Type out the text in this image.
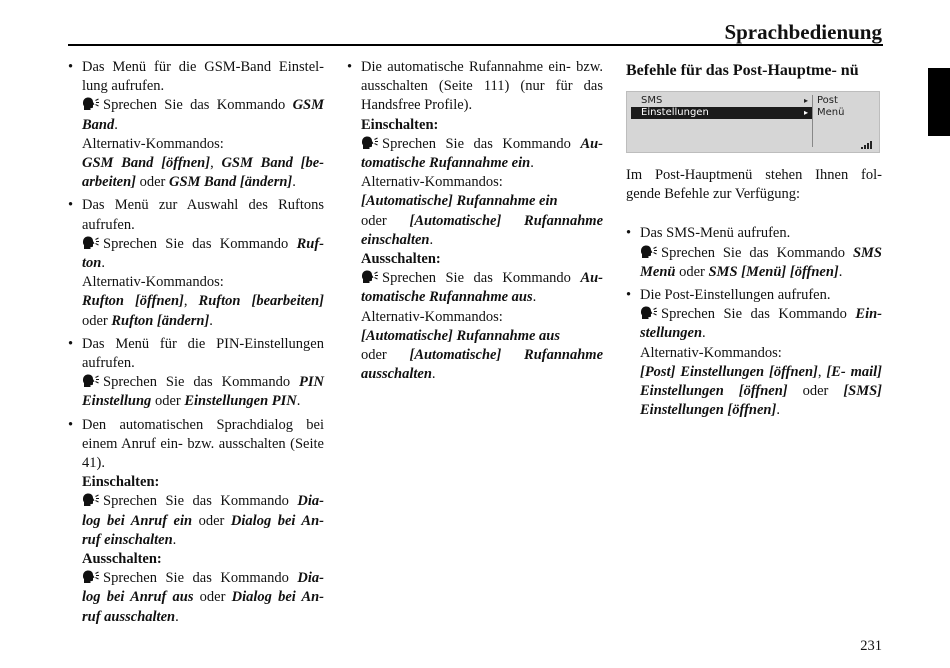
Sprachbedienung
• Das Menü für die GSM-Band Einstel- lung aufrufen.

Sprechen Sie das Kommando GSM Band.
Alternativ-Kommandos:
GSM Band [öffnen], GSM Band [be- arbeiten] oder GSM Band [ändern].
• Das Menü zur Auswahl des Ruftons aufrufen.

Sprechen Sie das Kommando Ruf- ton.
Alternativ-Kommandos:
Rufton [öffnen], Rufton [bearbeiten] oder Rufton [ändern].
• Das Menü für die PIN-Einstellungen aufrufen.

Sprechen Sie das Kommando PIN Einstellung oder Einstellungen PIN.
• Den automatischen Sprachdialog bei einem Anruf ein- bzw. ausschalten (Seite 41).
Einschalten:

Sprechen Sie das Kommando Dia- log bei Anruf ein oder Dialog bei An- ruf einschalten.
Ausschalten:

Sprechen Sie das Kommando Dia- log bei Anruf aus oder Dialog bei An- ruf ausschalten.
• Die automatische Rufannahme ein- bzw. ausschalten (Seite 111) (nur für das Handsfree Profile).
Einschalten:

Sprechen Sie das Kommando Au- tomatische Rufannahme ein.
Alternativ-Kommandos:
[Automatische] Rufannahme ein
oder [Automatische] Rufannahme einschalten.
Ausschalten:

Sprechen Sie das Kommando Au- tomatische Rufannahme aus.
Alternativ-Kommandos:
[Automatische] Rufannahme aus
oder [Automatische] Rufannahme ausschalten.
Befehle für das Post-Hauptme- nü
SMS	▸
Einstellungen	▸
Post Menü
Im Post-Hauptmenü stehen Ihnen fol- gende Befehle zur Verfügung:
• Das SMS-Menü aufrufen.

Sprechen Sie das Kommando SMS Menü oder SMS [Menü] [öffnen].
• Die Post-Einstellungen aufrufen.

Sprechen Sie das Kommando Ein- stellungen.
Alternativ-Kommandos:
[Post] Einstellungen [öffnen], [E- mail] Einstellungen [öffnen] oder [SMS] Einstellungen [öffnen].
231
